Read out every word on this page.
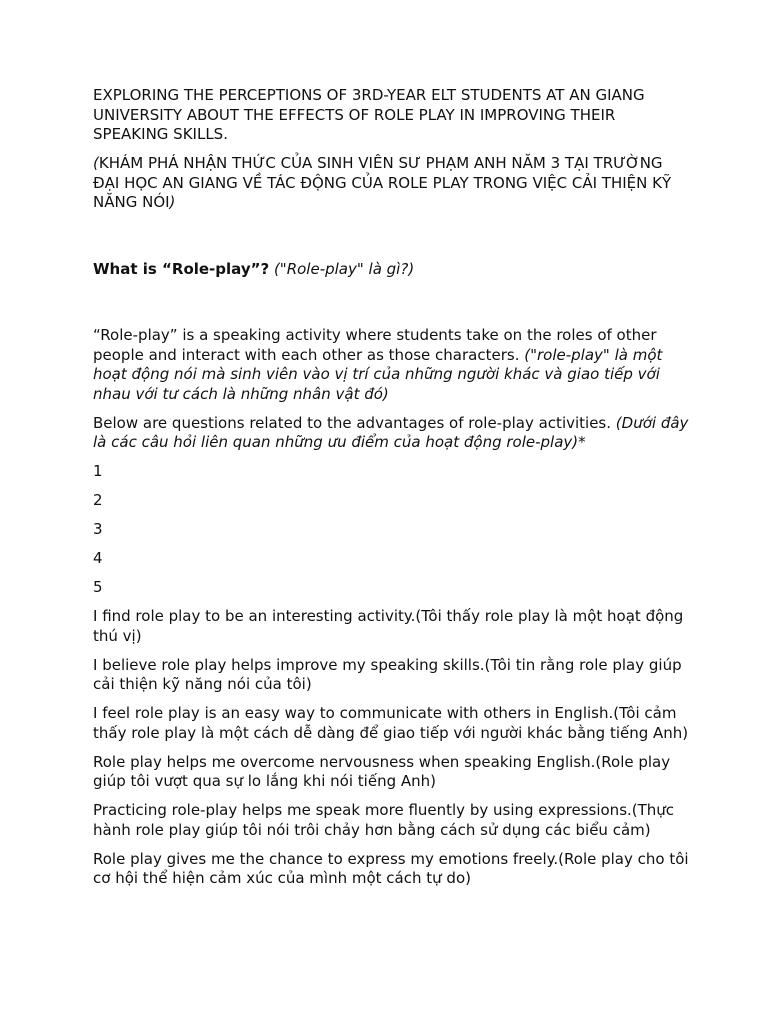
EXPLORING THE PERCEPTIONS OF 3RD-YEAR ELT STUDENTS AT AN GIANG UNIVERSITY ABOUT THE EFFECTS OF ROLE PLAY IN IMPROVING THEIR SPEAKING SKILLS.

(KHÁM PHÁ NHẬN THỨC CỦA SINH VIÊN SƯ PHẠM ANH NĂM 3 TẠI TRƯỜNG ĐẠI HỌC AN GIANG VỀ TÁC ĐỘNG CỦA ROLE PLAY TRONG VIỆC CẢI THIỆN KỸ NĂNG NÓI)

What is “Role-play”? ("Role-play" là gì?)

“Role-play” is a speaking activity where students take on the roles of other people and interact with each other as those characters. ("role-play" là một hoạt động nói mà sinh viên vào vị trí của những người khác và giao tiếp với nhau với tư cách là những nhân vật đó)

Below are questions related to the advantages of role-play activities. (Dưới đây là các câu hỏi liên quan những ưu điểm của hoạt động role-play)*

1
2
3
4
5

I find role play to be an interesting activity.(Tôi thấy role play là một hoạt động thú vị)

I believe role play helps improve my speaking skills.(Tôi tin rằng role play giúp cải thiện kỹ năng nói của tôi)

I feel role play is an easy way to communicate with others in English.(Tôi cảm thấy role play là một cách dễ dàng để giao tiếp với người khác bằng tiếng Anh)

Role play helps me overcome nervousness when speaking English.(Role play giúp tôi vượt qua sự lo lắng khi nói tiếng Anh)

Practicing role-play helps me speak more fluently by using expressions.(Thực hành role play giúp tôi nói trôi chảy hơn bằng cách sử dụng các biểu cảm)

Role play gives me the chance to express my emotions freely.(Role play cho tôi cơ hội thể hiện cảm xúc của mình một cách tự do)
